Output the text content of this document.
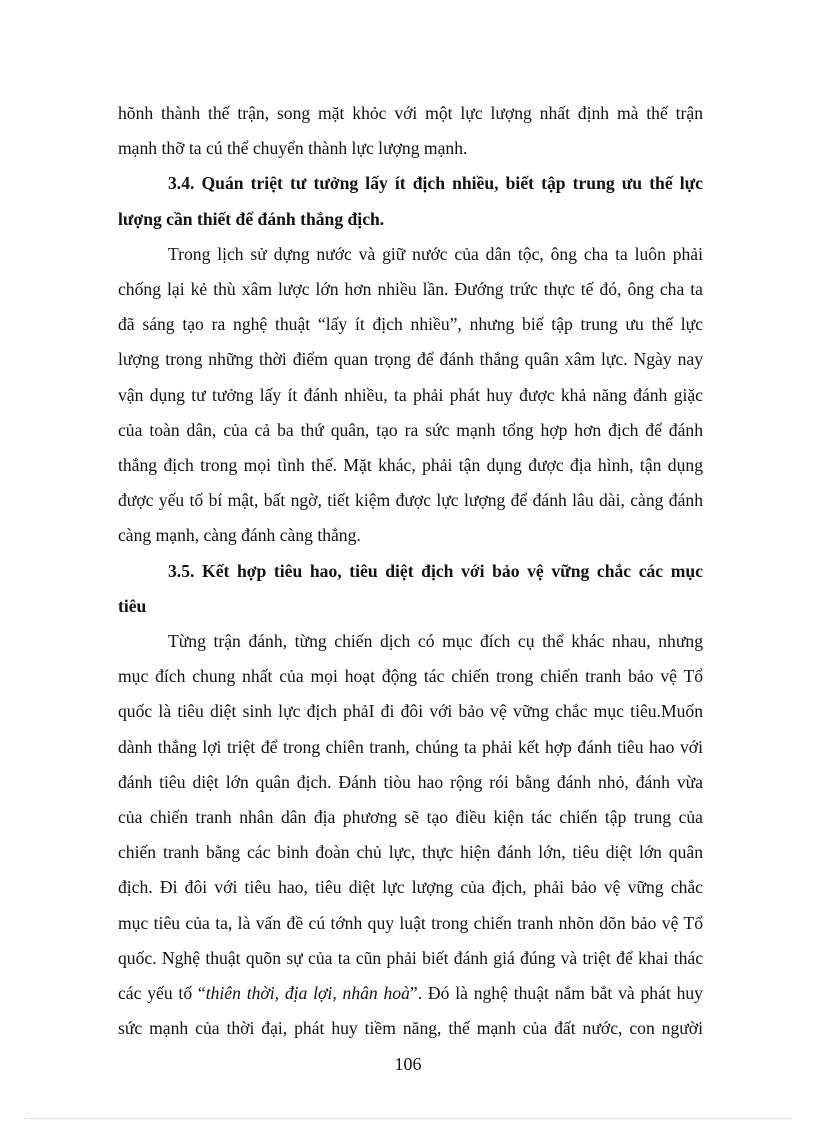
hõnh thành thế trận, song mặt khỏc với một lực lượng nhất định mà thế trận

mạnh thỡ ta cú thể chuyển thành lực lượng mạnh.

3.4. Quán triệt tư tưởng lấy ít địch nhiều, biết tập trung ưu thế lực

lượng cần thiết để đánh thắng địch.

Trong lịch sử dựng nước và giữ nước của dân tộc, ông cha ta luôn phải

chống lại kẻ thù xâm lược lớn hơn nhiều lần. Đướng trức thực tế đó, ông cha ta

đã sáng tạo ra nghệ thuật “lấy ít địch nhiều”, nhưng biế tập trung ưu thế lực

lượng trong những thời điểm quan trọng để đánh thắng quân xâm lực. Ngày nay

vận dụng tư tưởng lấy ít đánh nhiều, ta phải phát huy được khả năng đánh giặc

của toàn dân, của cả ba thứ quân, tạo ra sức mạnh tổng hợp hơn địch để đánh

thắng địch trong mọi tình thế. Mặt khác, phải tận dụng được địa hình, tận dụng

được yếu tố bí mật, bất ngờ, tiết kiệm được lực lượng để đánh lâu dài, càng đánh

càng mạnh, càng đánh càng thắng.

3.5. Kết hợp tiêu hao, tiêu diệt địch với bảo vệ vững chắc các mục

tiêu

Từng trận đánh, từng chiến dịch có mục đích cụ thể khác nhau, nhưng

mục đích chung nhất của mọi hoạt động tác chiến trong chiến tranh bảo vệ Tổ

quốc là tiêu diệt sinh lực địch phảI đi đôi với bảo vệ vững chắc mục tiêu.Muốn

dành thắng lợi triệt để trong chiên tranh, chúng ta phải kết hợp đánh tiêu hao với

đánh tiêu diệt lớn quân địch. Đánh tiòu hao rộng rói bằng đánh nhỏ, đánh vừa

của chiến tranh nhân dân địa phương sẽ tạo điều kiện tác chiến tập trung của

chiến tranh bằng các binh đoàn chủ lực, thực hiện đánh lớn, tiêu diệt lớn quân

địch. Đi đôi với tiêu hao, tiêu diệt lực lượng của địch, phải bảo vệ vững chắc

mục tiêu của ta, là vấn đề cú tớnh quy luật trong chiến tranh nhõn dõn bảo vệ Tổ

quốc. Nghệ thuật quõn sự của ta cũn phải biết đánh giá đúng và triệt để khai thác

các yếu tố “thiên thời, địa lợi, nhân hoà”. Đó là nghệ thuật nắm bắt và phát huy

sức mạnh của thời đại, phát huy tiềm năng, thế mạnh của đất nước, con người

106
